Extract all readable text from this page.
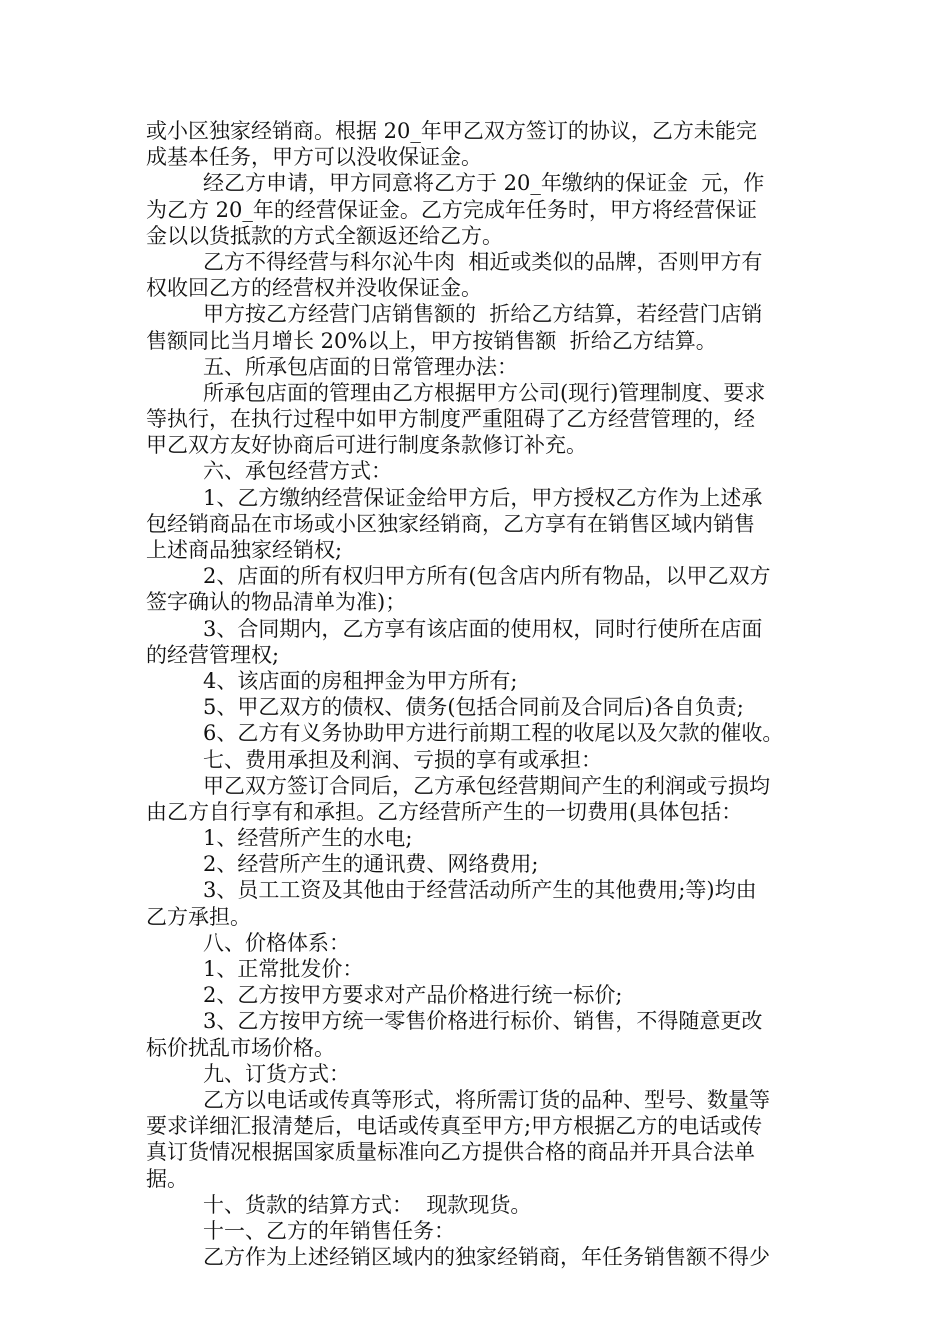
或小区独家经销商。根据 20_年甲乙双方签订的协议，乙方未能完
成基本任务，甲方可以没收保证金。
经乙方申请，甲方同意将乙方于 20_年缴纳的保证金  元，作
为乙方 20_年的经营保证金。乙方完成年任务时，甲方将经营保证
金以以货抵款的方式全额返还给乙方。
乙方不得经营与科尔沁牛肉  相近或类似的品牌，否则甲方有
权收回乙方的经营权并没收保证金。
甲方按乙方经营门店销售额的  折给乙方结算，若经营门店销
售额同比当月增长 20%以上，甲方按销售额  折给乙方结算。
五、所承包店面的日常管理办法：
所承包店面的管理由乙方根据甲方公司(现行)管理制度、要求
等执行，在执行过程中如甲方制度严重阻碍了乙方经营管理的，经
甲乙双方友好协商后可进行制度条款修订补充。
六、承包经营方式：
1、乙方缴纳经营保证金给甲方后，甲方授权乙方作为上述承
包经销商品在市场或小区独家经销商，乙方享有在销售区域内销售
上述商品独家经销权;
2、店面的所有权归甲方所有(包含店内所有物品，以甲乙双方
签字确认的物品清单为准)；
3、合同期内，乙方享有该店面的使用权，同时行使所在店面
的经营管理权;
4、该店面的房租押金为甲方所有;
5、甲乙双方的债权、债务(包括合同前及合同后)各自负责;
6、乙方有义务协助甲方进行前期工程的收尾以及欠款的催收。
七、费用承担及利润、亏损的享有或承担：
甲乙双方签订合同后，乙方承包经营期间产生的利润或亏损均
由乙方自行享有和承担。乙方经营所产生的一切费用(具体包括：
1、经营所产生的水电;
2、经营所产生的通讯费、网络费用;
3、员工工资及其他由于经营活动所产生的其他费用;等)均由
乙方承担。
八、价格体系：
1、正常批发价：
2、乙方按甲方要求对产品价格进行统一标价;
3、乙方按甲方统一零售价格进行标价、销售，不得随意更改
标价扰乱市场价格。
九、订货方式：
乙方以电话或传真等形式，将所需订货的品种、型号、数量等
要求详细汇报清楚后，电话或传真至甲方;甲方根据乙方的电话或传
真订货情况根据国家质量标准向乙方提供合格的商品并开具合法单
据。
十、货款的结算方式：  现款现货。
十一、乙方的年销售任务：
乙方作为上述经销区域内的独家经销商，年任务销售额不得少
